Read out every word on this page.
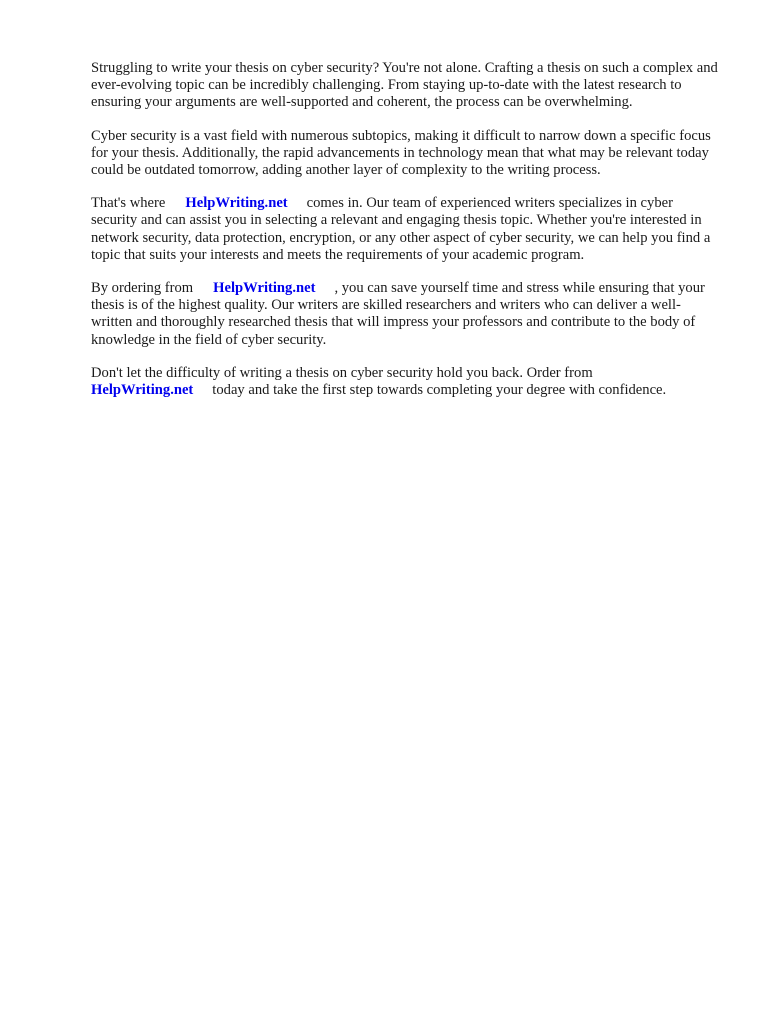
Struggling to write your thesis on cyber security? You're not alone. Crafting a thesis on such a complex and ever-evolving topic can be incredibly challenging. From staying up-to-date with the latest research to ensuring your arguments are well-supported and coherent, the process can be overwhelming.

Cyber security is a vast field with numerous subtopics, making it difficult to narrow down a specific focus for your thesis. Additionally, the rapid advancements in technology mean that what may be relevant today could be outdated tomorrow, adding another layer of complexity to the writing process.

That's where HelpWriting.net comes in. Our team of experienced writers specializes in cyber security and can assist you in selecting a relevant and engaging thesis topic. Whether you're interested in network security, data protection, encryption, or any other aspect of cyber security, we can help you find a topic that suits your interests and meets the requirements of your academic program.

By ordering from HelpWriting.net , you can save yourself time and stress while ensuring that your thesis is of the highest quality. Our writers are skilled researchers and writers who can deliver a well-written and thoroughly researched thesis that will impress your professors and contribute to the body of knowledge in the field of cyber security.

Don't let the difficulty of writing a thesis on cyber security hold you back. Order from HelpWriting.net today and take the first step towards completing your degree with confidence.
